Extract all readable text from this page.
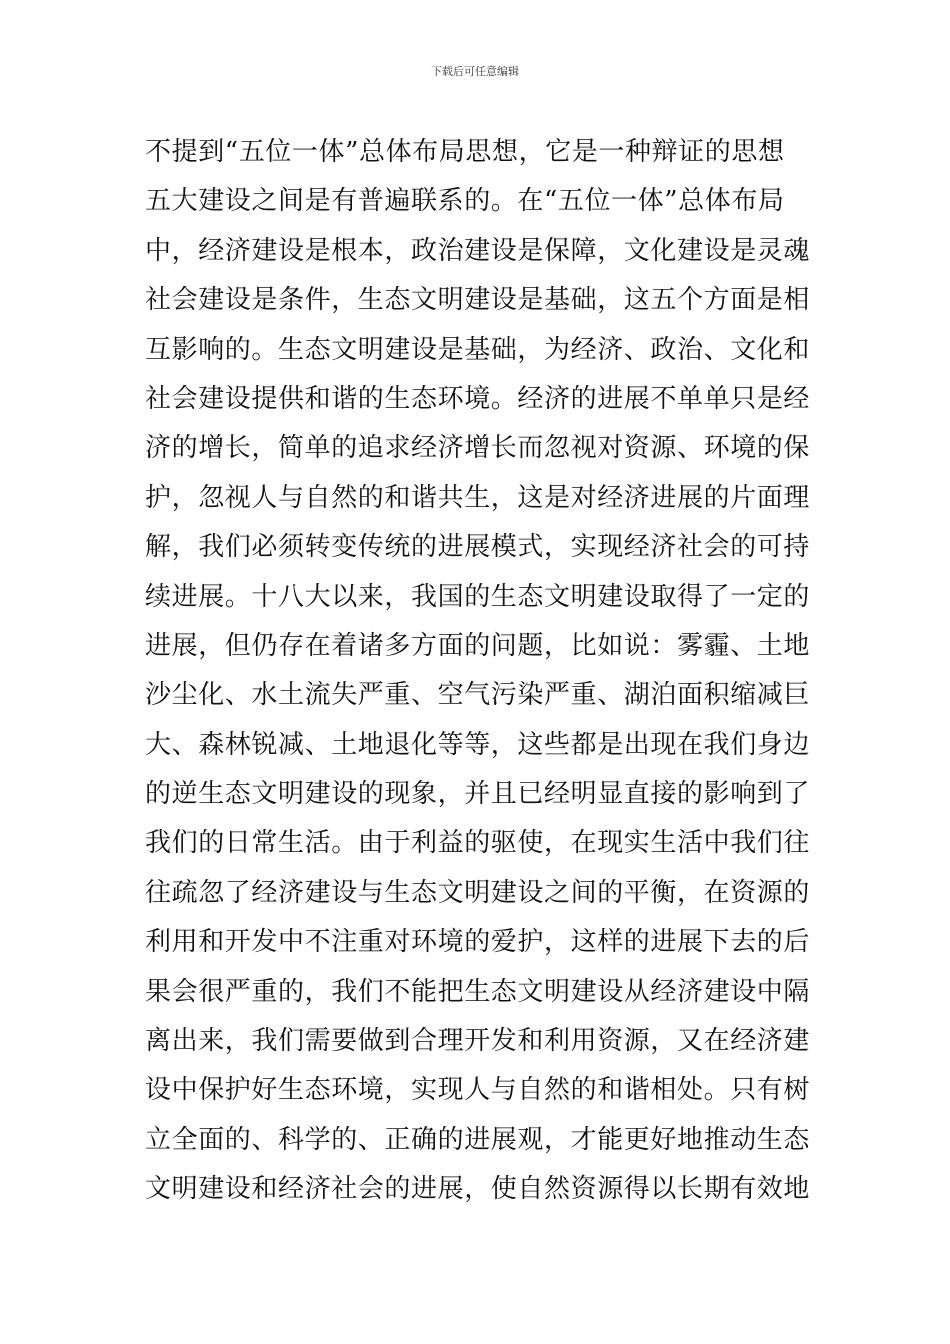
下载后可任意编辑
不提到“五位一体”总体布局思想，它是一种辩证的思想
五大建设之间是有普遍联系的。在“五位一体”总体布局
中，经济建设是根本，政治建设是保障，文化建设是灵魂
社会建设是条件，生态文明建设是基础，这五个方面是相
互影响的。生态文明建设是基础，为经济、政治、文化和
社会建设提供和谐的生态环境。经济的进展不单单只是经
济的增长，简单的追求经济增长而忽视对资源、环境的保
护，忽视人与自然的和谐共生，这是对经济进展的片面理
解，我们必须转变传统的进展模式，实现经济社会的可持
续进展。十八大以来，我国的生态文明建设取得了一定的
进展，但仍存在着诸多方面的问题，比如说：雾霾、土地
沙尘化、水土流失严重、空气污染严重、湖泊面积缩减巨
大、森林锐减、土地退化等等，这些都是出现在我们身边
的逆生态文明建设的现象，并且已经明显直接的影响到了
我们的日常生活。由于利益的驱使，在现实生活中我们往
往疏忽了经济建设与生态文明建设之间的平衡，在资源的
利用和开发中不注重对环境的爱护，这样的进展下去的后
果会很严重的，我们不能把生态文明建设从经济建设中隔
离出来，我们需要做到合理开发和利用资源，又在经济建
设中保护好生态环境，实现人与自然的和谐相处。只有树
立全面的、科学的、正确的进展观，才能更好地推动生态
文明建设和经济社会的进展，使自然资源得以长期有效地
